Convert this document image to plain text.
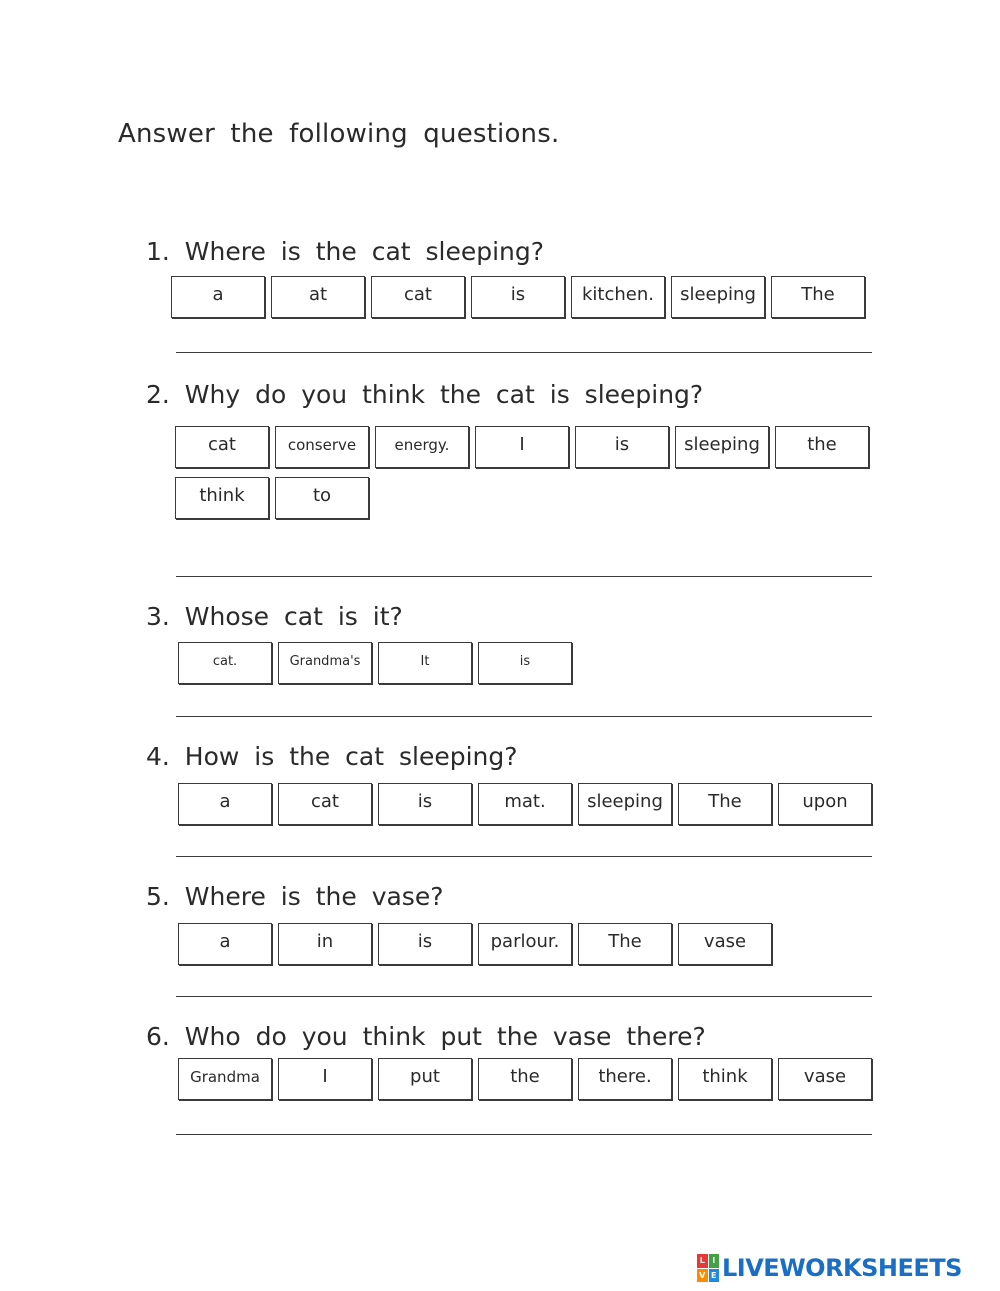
Answer the following questions.
1. Where is the cat sleeping?
a	at	cat	is	kitchen.	sleeping	The
2. Why do you think the cat is sleeping?
cat	conserve	energy.	I	is	sleeping	the
think	to
3. Whose cat is it?
cat.	Grandma's	It	is
4. How is the cat sleeping?
a	cat	is	mat.	sleeping	The	upon
5. Where is the vase?
a	in	is	parlour.	The	vase
6. Who do you think put the vase there?
Grandma	I	put	the	there.	think	vase
L I
V E LIVEWORKSHEETS
